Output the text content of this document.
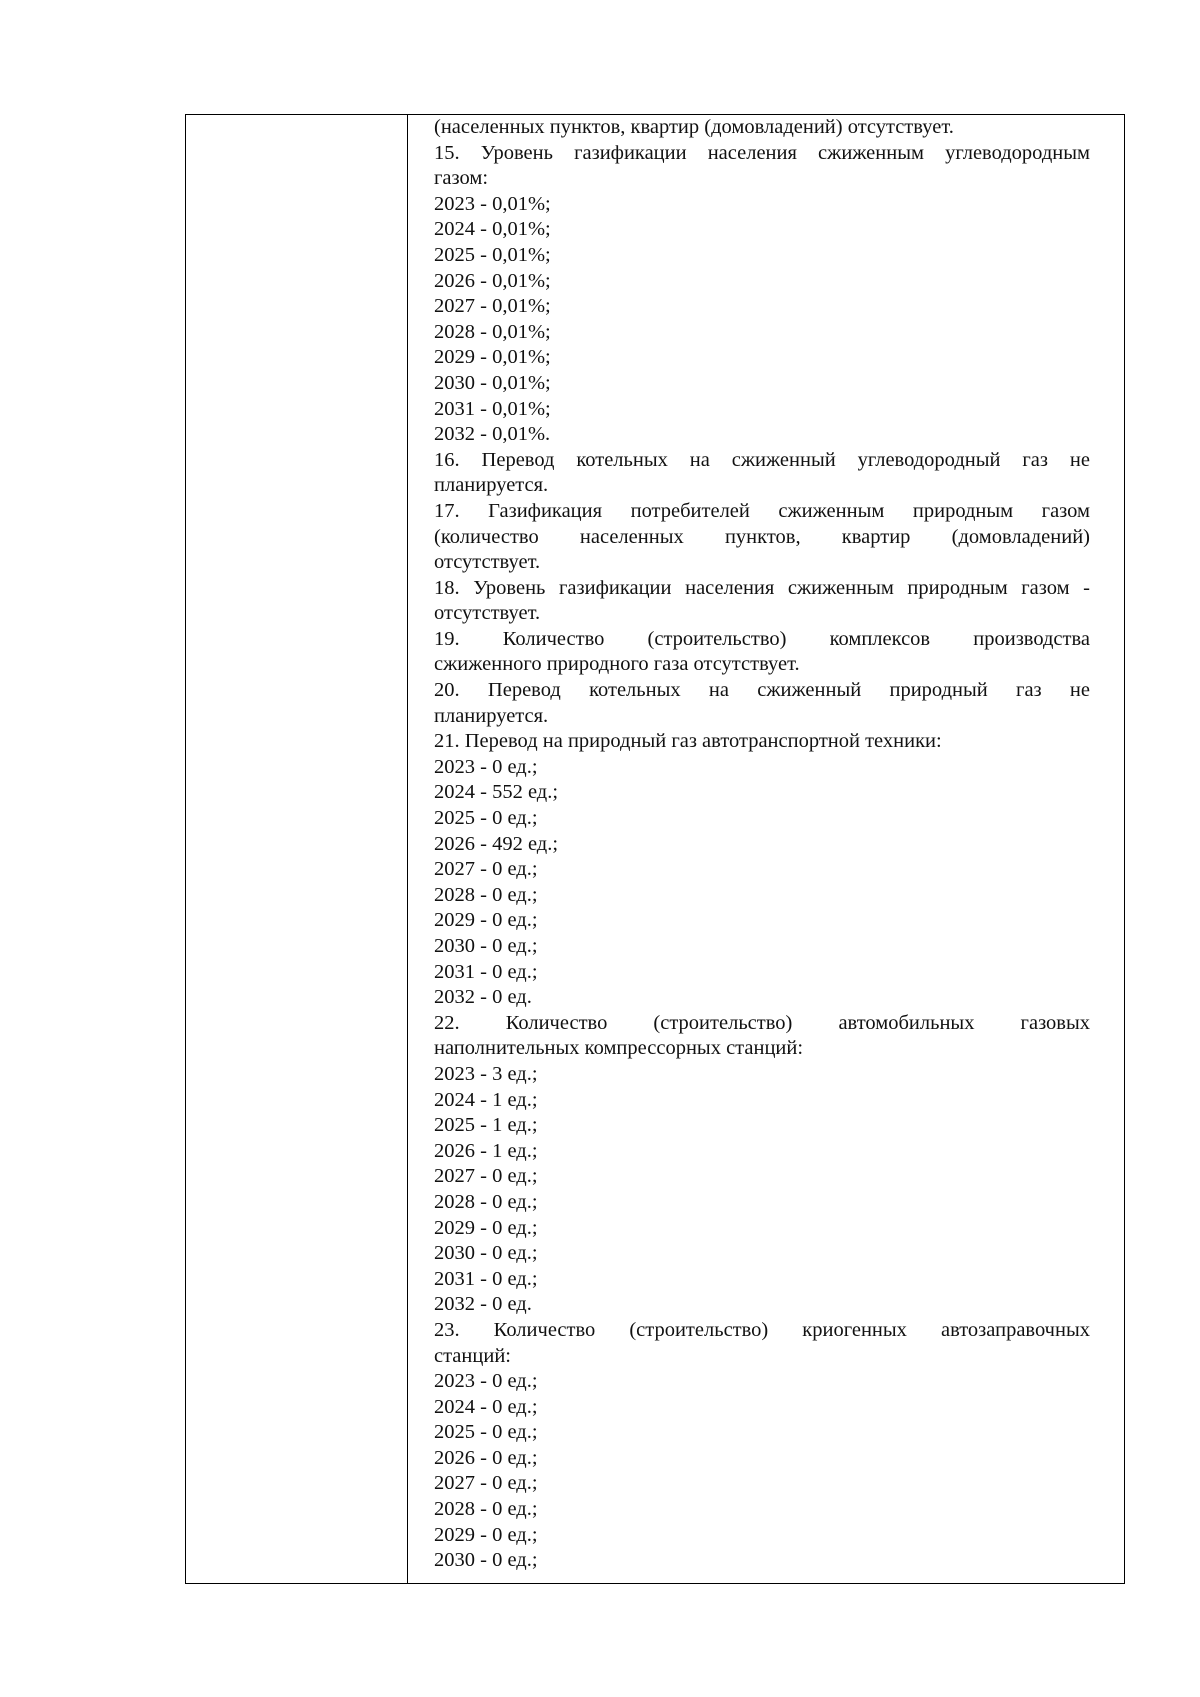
(населенных пунктов, квартир (домовладений) отсутствует.
15. Уровень газификации населения сжиженным углеводородным
газом:
2023 - 0,01%;
2024 - 0,01%;
2025 - 0,01%;
2026 - 0,01%;
2027 - 0,01%;
2028 - 0,01%;
2029 - 0,01%;
2030 - 0,01%;
2031 - 0,01%;
2032 - 0,01%.
16. Перевод котельных на сжиженный углеводородный газ не
планируется.
17. Газификация потребителей сжиженным природным газом
(количество населенных пунктов, квартир (домовладений)
отсутствует.
18. Уровень газификации населения сжиженным природным газом -
отсутствует.
19. Количество (строительство) комплексов производства
сжиженного природного газа отсутствует.
20. Перевод котельных на сжиженный природный газ не
планируется.
21. Перевод на природный газ автотранспортной техники:
2023 - 0 ед.;
2024 - 552 ед.;
2025 - 0 ед.;
2026 - 492 ед.;
2027 - 0 ед.;
2028 - 0 ед.;
2029 - 0 ед.;
2030 - 0 ед.;
2031 - 0 ед.;
2032 - 0 ед.
22. Количество (строительство) автомобильных газовых
наполнительных компрессорных станций:
2023 - 3 ед.;
2024 - 1 ед.;
2025 - 1 ед.;
2026 - 1 ед.;
2027 - 0 ед.;
2028 - 0 ед.;
2029 - 0 ед.;
2030 - 0 ед.;
2031 - 0 ед.;
2032 - 0 ед.
23. Количество (строительство) криогенных автозаправочных
станций:
2023 - 0 ед.;
2024 - 0 ед.;
2025 - 0 ед.;
2026 - 0 ед.;
2027 - 0 ед.;
2028 - 0 ед.;
2029 - 0 ед.;
2030 - 0 ед.;
